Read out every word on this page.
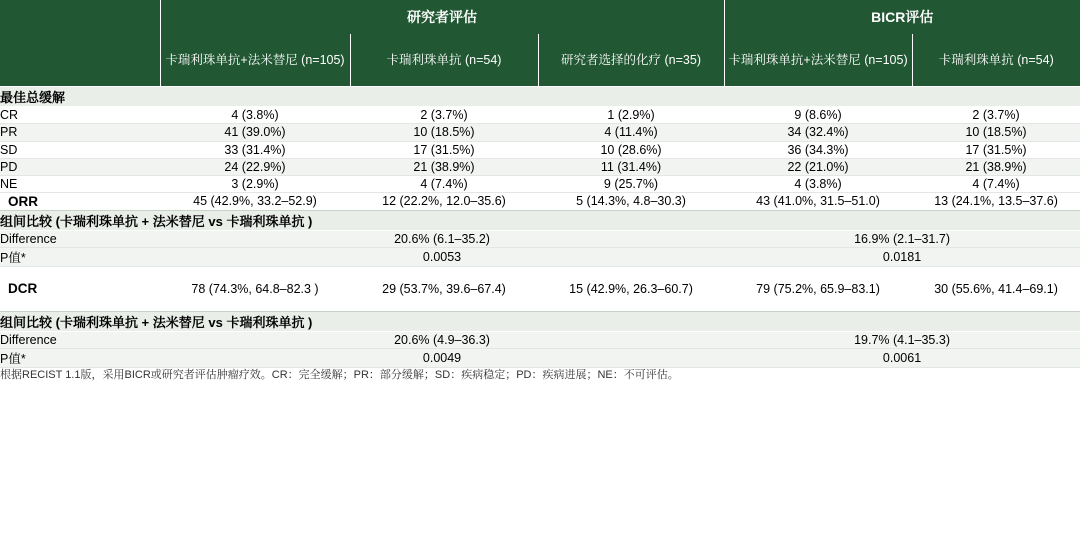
	研究者评估			BICR评估	
	卡瑞利珠单抗+法米替尼 (n=105)	卡瑞利珠单抗 (n=54)	研究者选择的化疗 (n=35)	卡瑞利珠单抗+法米替尼 (n=105)	卡瑞利珠单抗 (n=54)
最佳总缓解					
CR	4 (3.8%)	2 (3.7%)	1 (2.9%)	9 (8.6%)	2 (3.7%)
PR	41 (39.0%)	10 (18.5%)	4 (11.4%)	34 (32.4%)	10 (18.5%)
SD	33 (31.4%)	17 (31.5%)	10 (28.6%)	36 (34.3%)	17 (31.5%)
PD	24 (22.9%)	21 (38.9%)	11 (31.4%)	22 (21.0%)	21 (38.9%)
NE	3 (2.9%)	4 (7.4%)	9 (25.7%)	4 (3.8%)	4 (7.4%)
ORR	45 (42.9%, 33.2–52.9)	12 (22.2%, 12.0–35.6)	5 (14.3%, 4.8–30.3)	43 (41.0%, 31.5–51.0)	13 (24.1%, 13.5–37.6)
组间比较 (卡瑞利珠单抗 + 法米替尼 vs 卡瑞利珠单抗 )					
Difference	20.6% (6.1–35.2)			16.9% (2.1–31.7)	
P值*	0.0053			0.0181	
DCR	78 (74.3%, 64.8–82.3 )	29 (53.7%, 39.6–67.4)	15 (42.9%, 26.3–60.7)	79 (75.2%, 65.9–83.1)	30 (55.6%, 41.4–69.1)
组间比较 (卡瑞利珠单抗 + 法米替尼 vs 卡瑞利珠单抗 )					
Difference	20.6% (4.9–36.3)			19.7% (4.1–35.3)	
P值*	0.0049			0.0061	
根据RECIST 1.1版，采用BICR或研究者评估肿瘤疗效。CR：完全缓解；PR：部分缓解；SD：疾病稳定；PD：疾病进展；NE：不可评估。					
